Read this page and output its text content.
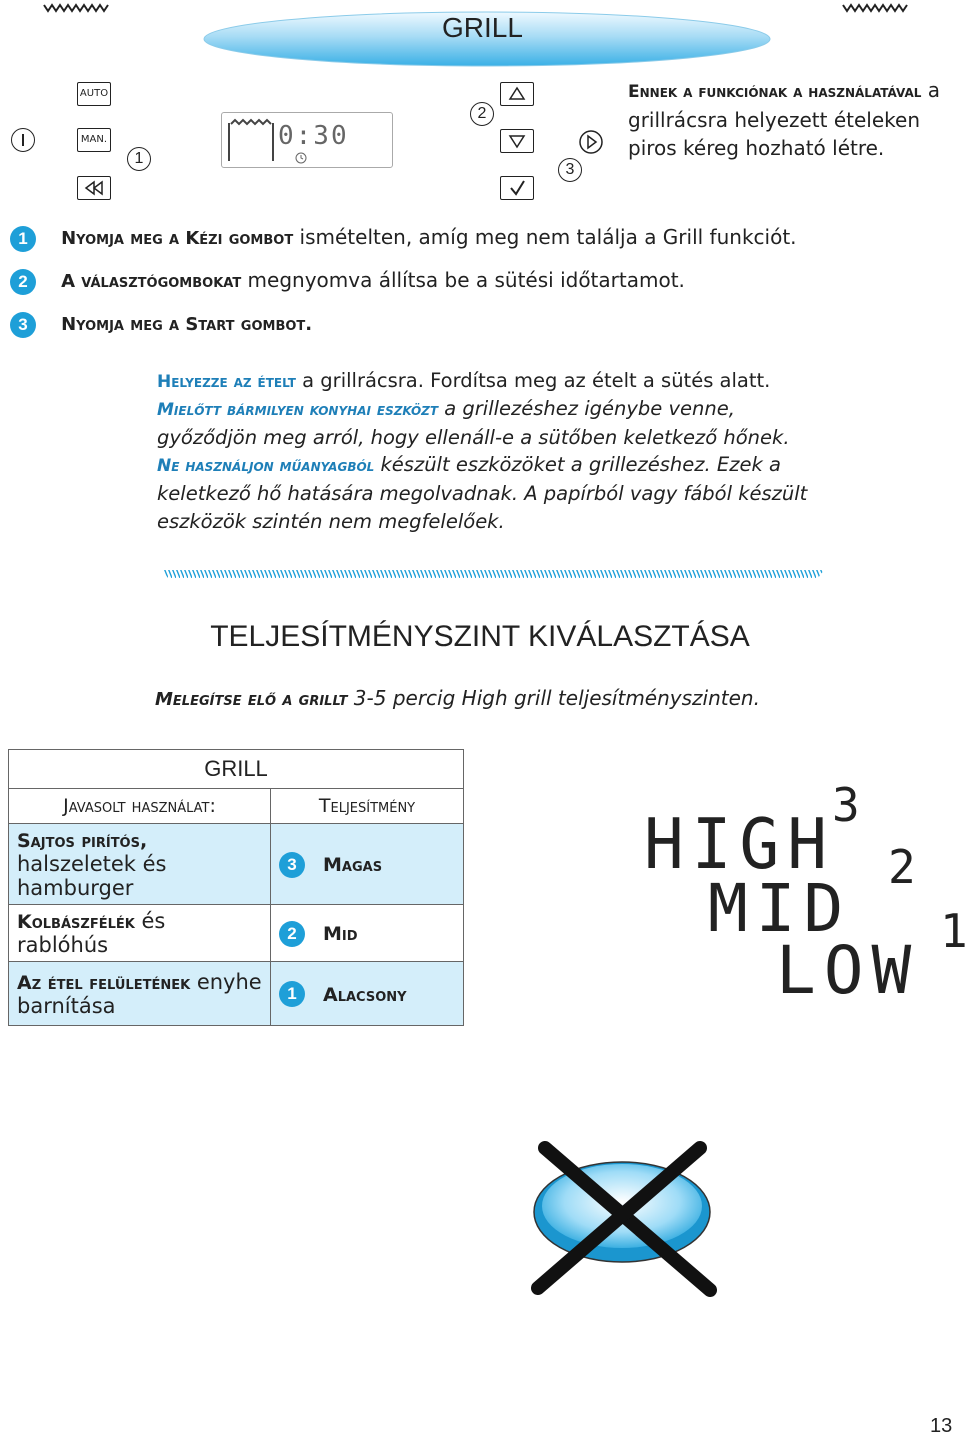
GRILL
AUTO
MAN.
1
0:30
2
3
Ennek a funkciónak a használatával a grillrácsra helyezett ételeken piros kéreg hozható létre.
1 Nyomja meg a Kézi gombot ismételten, amíg meg nem találja a Grill funkciót.
2 A választógombokat megnyomva állítsa be a sütési időtartamot.
3 Nyomja meg a Start gombot.
Helyezze az ételt a grillrácsra. Fordítsa meg az ételt a sütés alatt.
Mielőtt bármilyen konyhai eszközt a grillezéshez igénybe venne, győződjön meg arról, hogy ellenáll-e a sütőben keletkező hőnek.
Ne használjon műanyagból készült eszközöket a grillezéshez. Ezek a keletkező hő hatására megolvadnak. A papírból vagy fából készült eszközök szintén nem megfelelőek.
TELJESÍTMÉNYSZINT KIVÁLASZTÁSA
Melegítse elő a grillt 3-5 percig High grill teljesítményszinten.
GRILL		
Javasolt használat:	Teljesítmény	
Sajtos pirítós, halszeletek és hamburger	3	Magas
Kolbászfélék és rablóhús	2	Mid
Az étel felületének enyhe barnítása	1	Alacsony
HIGH
3
MID
2
LOW
1
13
